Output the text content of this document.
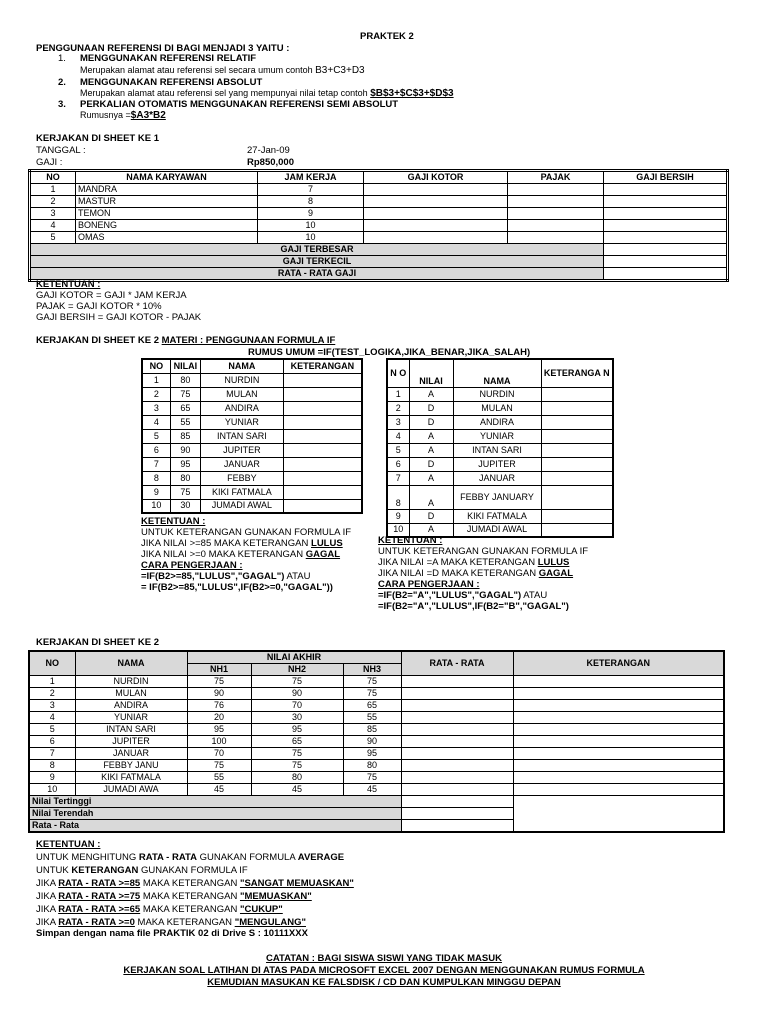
PRAKTEK 2
PENGGUNAAN REFERENSI DI BAGI MENJADI 3 YAITU :
1. MENGGUNAKAN REFERENSI RELATIF
Merupakan alamat atau referensi sel secara umum contoh B3+C3+D3
2. MENGGUNAKAN REFERENSI ABSOLUT
Merupakan alamat atau referensi sel yang mempunyai nilai tetap contoh $B$3+$C$3+$D$3
3. PERKALIAN OTOMATIS MENGGUNAKAN REFERENSI SEMI ABSOLUT
Rumusnya =$A3*B2
KERJAKAN DI SHEET KE 1
TANGGAL :	27-Jan-09
GAJI :	Rp850,000
NO	NAMA KARYAWAN	JAM KERJA	GAJI KOTOR	PAJAK	GAJI BERSIH
1	MANDRA	7			
2	MASTUR	8			
3	TEMON	9			
4	BONENG	10			
5	OMAS	10			
GAJI TERBESAR					
GAJI TERKECIL					
RATA - RATA GAJI					
KETENTUAN :
GAJI KOTOR = GAJI * JAM KERJA
PAJAK = GAJI KOTOR * 10%
GAJI BERSIH = GAJI KOTOR - PAJAK
KERJAKAN DI SHEET KE 2 MATERI : PENGGUNAAN FORMULA IF
RUMUS UMUM =IF(TEST_LOGIKA,JIKA_BENAR,JIKA_SALAH)
NO	NILAI	NAMA	KETERANGAN
1	80	NURDIN	
2	75	MULAN	
3	65	ANDIRA	
4	55	YUNIAR	
5	85	INTAN SARI	
6	90	JUPITER	
7	95	JANUAR	
8	80	FEBBY	
9	75	KIKI FATMALA	
10	30	JUMADI AWAL	
N O	NILAI	NAMA	KETERANGA N
1	A	NURDIN	
2	D	MULAN	
3	D	ANDIRA	
4	A	YUNIAR	
5	A	INTAN SARI	
6	D	JUPITER	
7	A	JANUAR	
8	A	FEBBY JANUARY	
9	D	KIKI FATMALA	
10	A	JUMADI AWAL	
KETENTUAN :
UNTUK KETERANGAN GUNAKAN FORMULA IF
JIKA NILAI >=85 MAKA KETERANGAN LULUS
JIKA NILAI >=0 MAKA KETERANGAN GAGAL
CARA PENGERJAAN :
=IF(B2>=85,"LULUS","GAGAL") ATAU
= IF(B2>=85,"LULUS",IF(B2>=0,"GAGAL"))
KETENTUAN :
UNTUK KETERANGAN GUNAKAN FORMULA IF
JIKA NILAI =A MAKA KETERANGAN LULUS
JIKA NILAI =D MAKA KETERANGAN GAGAL
CARA PENGERJAAN :
=IF(B2="A","LULUS","GAGAL") ATAU
=IF(B2="A","LULUS",IF(B2="B","GAGAL")
KERJAKAN DI SHEET KE 2
NO	NAMA	NILAI AKHIR			RATA - RATA	KETERANGAN
		NH1	NH2	NH3		
1	NURDIN	75	75	75		
2	MULAN	90	90	75		
3	ANDIRA	76	70	65		
4	YUNIAR	20	30	55		
5	INTAN SARI	95	95	85		
6	JUPITER	100	65	90		
7	JANUAR	70	75	95		
8	FEBBY JANU	75	75	80		
9	KIKI FATMALA	55	80	75		
10	JUMADI AWA	45	45	45		
Nilai Tertinggi						
Nilai Terendah						
Rata - Rata						
KETENTUAN :
UNTUK MENGHITUNG RATA - RATA GUNAKAN FORMULA AVERAGE
UNTUK KETERANGAN GUNAKAN FORMULA IF
JIKA RATA - RATA >=85 MAKA KETERANGAN "SANGAT MEMUASKAN"
JIKA RATA - RATA >=75 MAKA KETERANGAN "MEMUASKAN"
JIKA RATA - RATA >=65 MAKA KETERANGAN "CUKUP"
JIKA RATA - RATA >=0 MAKA KETERANGAN "MENGULANG"
Simpan dengan nama file PRAKTIK 02 di Drive S : 10111XXX
CATATAN : BAGI SISWA SISWI YANG TIDAK MASUK
KERJAKAN SOAL LATIHAN DI ATAS PADA MICROSOFT EXCEL 2007 DENGAN MENGGUNAKAN RUMUS FORMULA
KEMUDIAN MASUKAN KE FALSDISK / CD DAN KUMPULKAN MINGGU DEPAN
